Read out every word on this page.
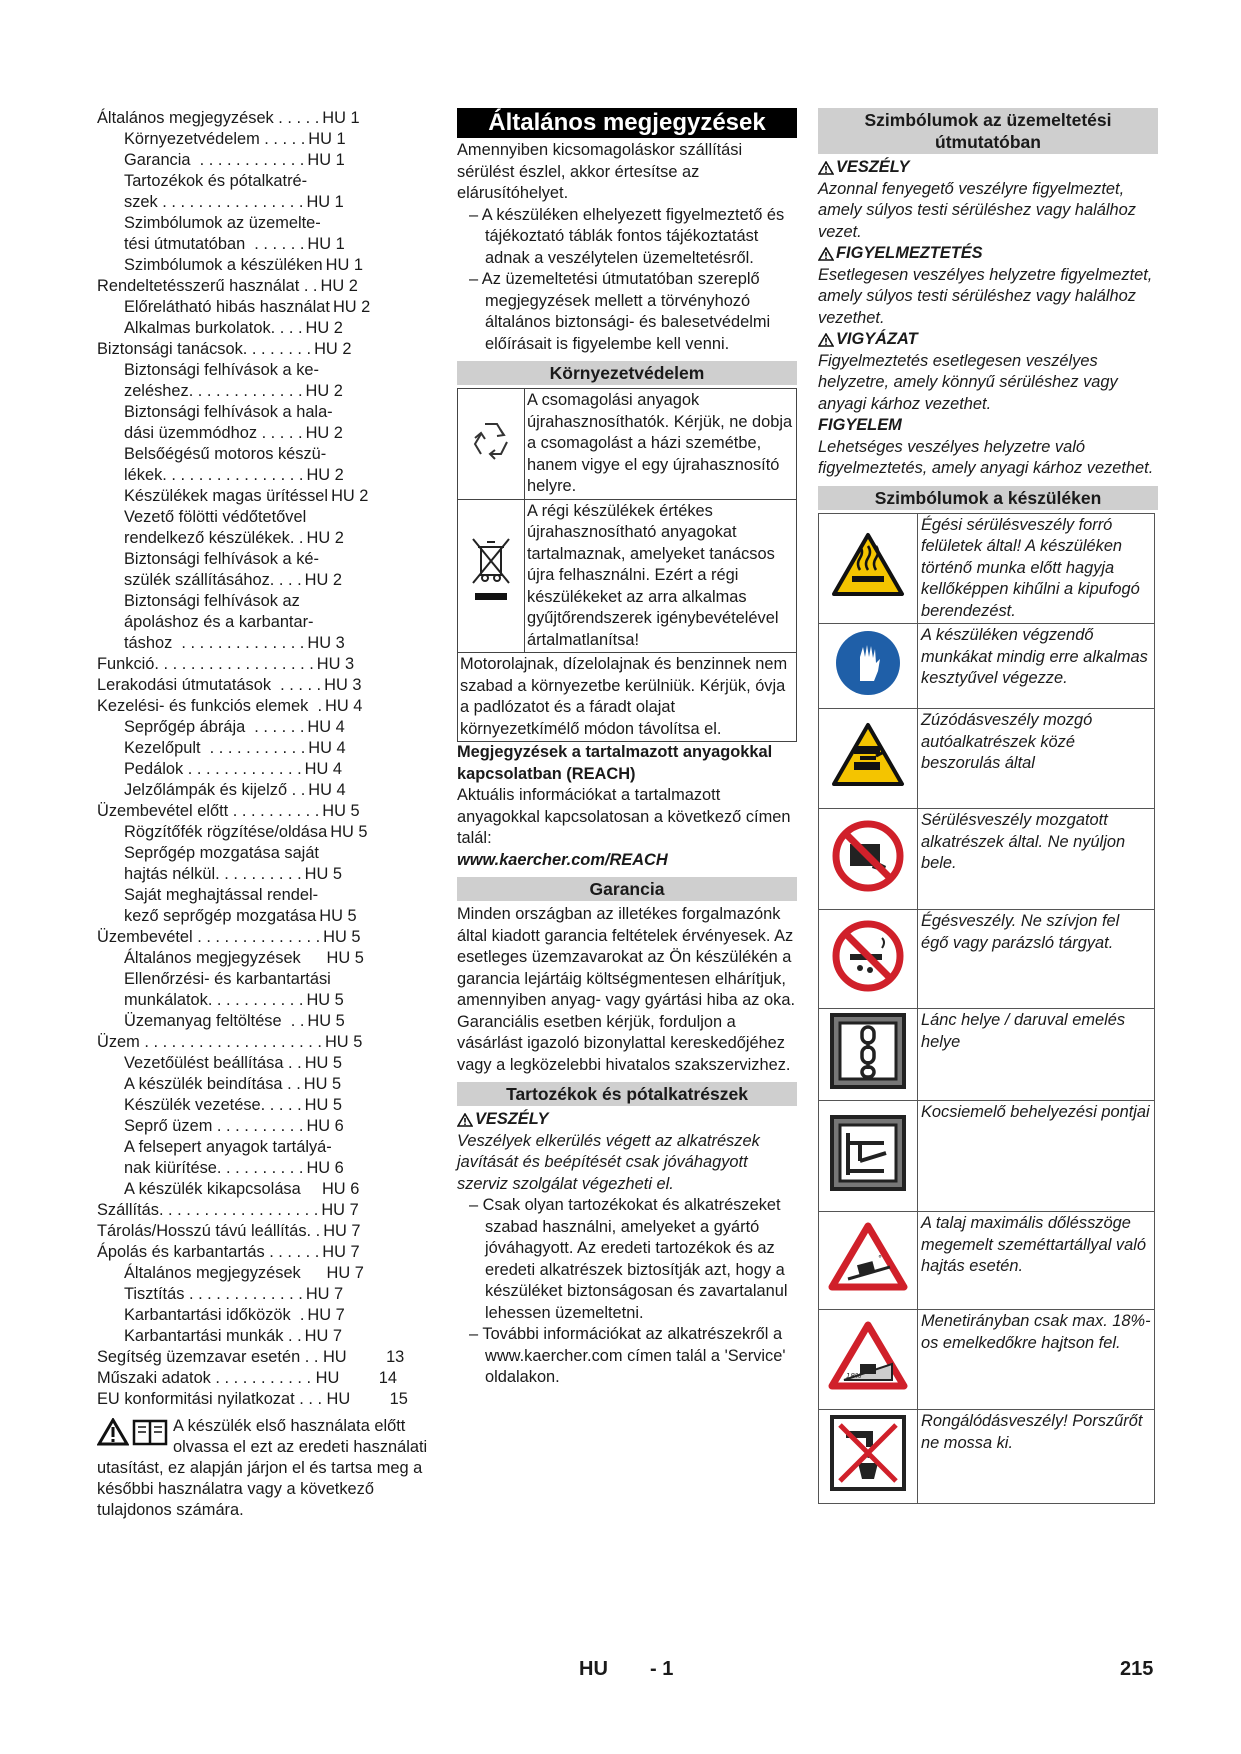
Általános megjegyzések . . . . . HU 1
Környezetvédelem . . . . . HU 1
Garancia  . . . . . . . . . . . . HU 1
Tartozékok és pótalkatré-
szek . . . . . . . . . . . . . . . . HU 1
Szimbólumok az üzemelte-
tési útmutatóban  . . . . . . HU 1
Szimbólumok a készüléken HU 1
Rendeltetésszerű használat . . HU 2
Előrelátható hibás használat HU 2
Alkalmas burkolatok. . . . HU 2
Biztonsági tanácsok. . . . . . . . HU 2
Biztonsági felhívások a ke-
zeléshez. . . . . . . . . . . . . HU 2
Biztonsági felhívások a hala-
dási üzemmódhoz . . . . . HU 2
Belsőégésű motoros készü-
lékek. . . . . . . . . . . . . . . . HU 2
Készülékek magas ürítéssel HU 2
Vezető fölötti védőtetővel
rendelkező készülékek. . HU 2
Biztonsági felhívások a ké-
szülék szállításához. . . . HU 2
Biztonsági felhívások az
ápoláshoz és a karbantar-
táshoz  . . . . . . . . . . . . . . HU 3
Funkció. . . . . . . . . . . . . . . . . . HU 3
Lerakodási útmutatások  . . . . . HU 3
Kezelési- és funkciós elemek  . HU 4
Seprőgép ábrája  . . . . . . HU 4
Kezelőpult  . . . . . . . . . . . HU 4
Pedálok . . . . . . . . . . . . . HU 4
Jelzőlámpák és kijelző . . HU 4
Üzembevétel előtt . . . . . . . . . . HU 5
Rögzítőfék rögzítése/oldása HU 5
Seprőgép mozgatása saját
hajtás nélkül. . . . . . . . . . HU 5
Saját meghajtással rendel-
kező seprőgép mozgatása HU 5
Üzembevétel . . . . . . . . . . . . . . HU 5
Általános megjegyzések HU 5
Ellenőrzési- és karbantartási
munkálatok. . . . . . . . . . . HU 5
Üzemanyag feltöltése  . . HU 5
Üzem . . . . . . . . . . . . . . . . . . . . HU 5
Vezetőülést beállítása . . HU 5
A készülék beindítása . . HU 5
Készülék vezetése. . . . . HU 5
Seprő üzem . . . . . . . . . . HU 6
A felsepert anyagok tartályá-
nak kiürítése. . . . . . . . . . HU 6
A készülék kikapcsolása HU 6
Szállítás. . . . . . . . . . . . . . . . . . HU 7
Tárolás/Hosszú távú leállítás. . HU 7
Ápolás és karbantartás . . . . . . HU 7
Általános megjegyzések HU 7
Tisztítás . . . . . . . . . . . . . HU 7
Karbantartási időközök  . HU 7
Karbantartási munkák . . HU 7
Segítség üzemzavar esetén . . HU 13
Műszaki adatok . . . . . . . . . . . HU 14
EU konformitási nyilatkozat . . . HU 15
A készülék első használata előtt olvassa el ezt az eredeti használati utasítást, ez alapján járjon el és tartsa meg a későbbi használatra vagy a következő tulajdonos számára.
Általános megjegyzések

Amennyiben kicsomagoláskor szállítási sérülést észlel, akkor értesítse az elárusítóhelyet.

– A készüléken elhelyezett figyelmeztető és tájékoztató táblák fontos tájékoztatást adnak a veszélytelen üzemeltetésről.

– Az üzemeltetési útmutatóban szereplő megjegyzések mellett a törvényhozó általános biztonsági- és balesetvédelmi előírásait is figyelembe kell venni.

Környezetvédelem
	A csomagolási anyagok újrahasznosíthatók. Kérjük, ne dobja a csomagolást a házi szemétbe, hanem vigye el egy újrahasznosító helyre.
	A régi készülékek értékes újrahasznosítható anyagokat tartalmaznak, amelyeket tanácsos újra felhasználni. Ezért a régi készülékeket az arra alkalmas gyűjtőrendszerek igénybevételével ártalmatlanítsa!
Motorolajnak, dízelolajnak és benzinnek nem szabad a környezetbe kerülniük. Kérjük, óvja a padlózatot és a fáradt olajat környezetkímélő módon távolítsa el.	

Megjegyzések a tartalmazott anyagokkal kapcsolatban (REACH)

Aktuális információkat a tartalmazott anyagokkal kapcsolatosan a következő címen talál:

www.kaercher.com/REACH

Garancia

Minden országban az illetékes forgalmazónk által kiadott garancia feltételek érvényesek. Az esetleges üzemzavarokat az Ön készülékén a garancia lejártáig költségmentesen elhárítjuk, amennyiben anyag- vagy gyártási hiba az oka. Garanciális esetben kérjük, forduljon a vásárlást igazoló bizonylattal kereskedőjéhez vagy a legközelebbi hivatalos szakszervizhez.

Tartozékok és pótalkatrészek
VESZÉLY

Veszélyek elkerülés végett az alkatrészek javítását és beépítését csak jóváhagyott szerviz szolgálat végezheti el.

– Csak olyan tartozékokat és alkatrészeket szabad használni, amelyeket a gyártó jóváhagyott. Az eredeti tartozékok és az eredeti alkatrészek biztosítják azt, hogy a készüléket biztonságosan és zavartalanul lehessen üzemeltetni.

– További információkat az alkatrészekről a www.kaercher.com címen talál a 'Service' oldalakon.

Szimbólumok az üzemeltetési útmutatóban
VESZÉLY

Azonnal fenyegető veszélyre figyelmeztet, amely súlyos testi sérüléshez vagy halálhoz vezet.

FIGYELMEZTETÉS

Esetlegesen veszélyes helyzetre figyelmeztet, amely súlyos testi sérüléshez vagy halálhoz vezethet.

VIGYÁZAT

Figyelmeztetés esetlegesen veszélyes helyzetre, amely könnyű sérüléshez vagy anyagi kárhoz vezethet.

FIGYELEM

Lehetséges veszélyes helyzetre való figyelmeztetés, amely anyagi kárhoz vezethet.

Szimbólumok a készüléken
	Égési sérülésveszély forró felületek által! A készüléken történő munka előtt hagyja kellőképpen kihűlni a kipufogó berendezést.
	A készüléken végzendő munkákat mindig erre alkalmas kesztyűvel végezze.
	Zúzódásveszély mozgó autóalkatrészek közé beszorulás által
	Sérülésveszély mozgatott alkatrészek által. Ne nyúljon bele.
	Égésveszély. Ne szívjon fel égő vagy parázsló tárgyat.
	Lánc helye / daruval emelés helye
	Kocsiemelő behelyezési pontjai

°	A talaj maximális dőlésszöge megemelt szeméttartállyal való hajtás esetén.

18%	Menetirányban csak max. 18%-os emelkedőkre hajtson fel.
	Rongálódásveszély! Porszűrőt ne mossa ki.
HU - 1	215
